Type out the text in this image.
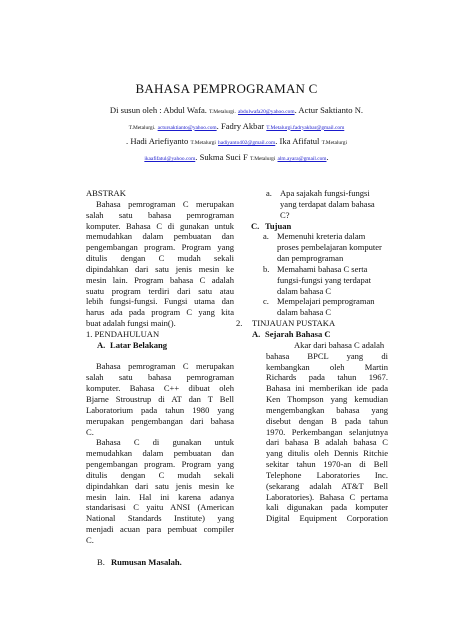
BAHASA PEMPROGRAMAN C
Di susun oleh : Abdul Wafa. T.Metalurgi. abdulwafa20@yahoo.com. Actur Saktianto N.
T.Metalurgi. actursaktianto@yahoo.com. Fadry Akbar T.Metalurgi.fadryakbar@gmail.com
. Hadi Ariefiyanto T.Metalurgi hadiyanto402@gmail.com. Ika Afifatul T.Metalurgi
ikaafifatul@yahoo.com. Sukma Suci F T.Metalurgi alm.ayara@gmail.com.

ABSTRAK

Bahasa pemrograman C merupakan

salah satu bahasa pemrograman

komputer. Bahasa C di gunakan untuk

memudahkan dalam pembuatan dan

pengembangan program. Program yang

ditulis dengan C mudah sekali

dipindahkan dari satu jenis mesin ke

mesin lain. Program bahasa C adalah

suatu program terdiri dari satu atau

lebih fungsi-fungsi. Fungsi utama dan

harus ada pada program C yang kita

buat adalah fungsi main().

1. PENDAHULUAN

A. Latar Belakang

Bahasa pemrograman C merupakan

salah satu bahasa pemrograman

komputer. Bahasa C++ dibuat oleh

Bjarne Stroustrup di AT dan T Bell

Laboratorium pada tahun 1980 yang

merupakan pengembangan dari bahasa

C.

Bahasa C di gunakan untuk

memudahkan dalam pembuatan dan

pengembangan program. Program yang

ditulis dengan C mudah sekali

dipindahkan dari satu jenis mesin ke

mesin lain. Hal ini karena adanya

standarisasi C yaitu ANSI (American

National Standards Institute) yang

menjadi acuan para pembuat compiler

C.

B. Rumusan Masalah.
a. Apa sajakah fungsi-fungsi

yang terdapat dalam bahasa

C?

C. Tujuan
a. Memenuhi kreteria dalam

proses pembelajaran komputer

dan pemprograman

b. Memahami bahasa C serta

fungsi-fungsi yang terdapat

dalam bahasa C

c. Mempelajari pemprograman

dalam bahasa C

2.	TINJAUAN PUSTAKA
A. Sejarah Bahasa C

Akar dari bahasa C adalah

bahasa BPCL yang di

kembangkan oleh Martin

Richards pada tahun 1967.

Bahasa ini memberikan ide pada

Ken Thompson yang kemudian

mengembangkan bahasa yang

disebut dengan B pada tahun

1970. Perkembangan selanjutnya

dari bahasa B adalah bahasa C

yang ditulis oleh Dennis Ritchie

sekitar tahun 1970-an di Bell

Telephone Laboratories Inc.

(sekarang adalah AT&T Bell

Laboratories). Bahasa C pertama

kali digunakan pada komputer

Digital Equipment Corporation
